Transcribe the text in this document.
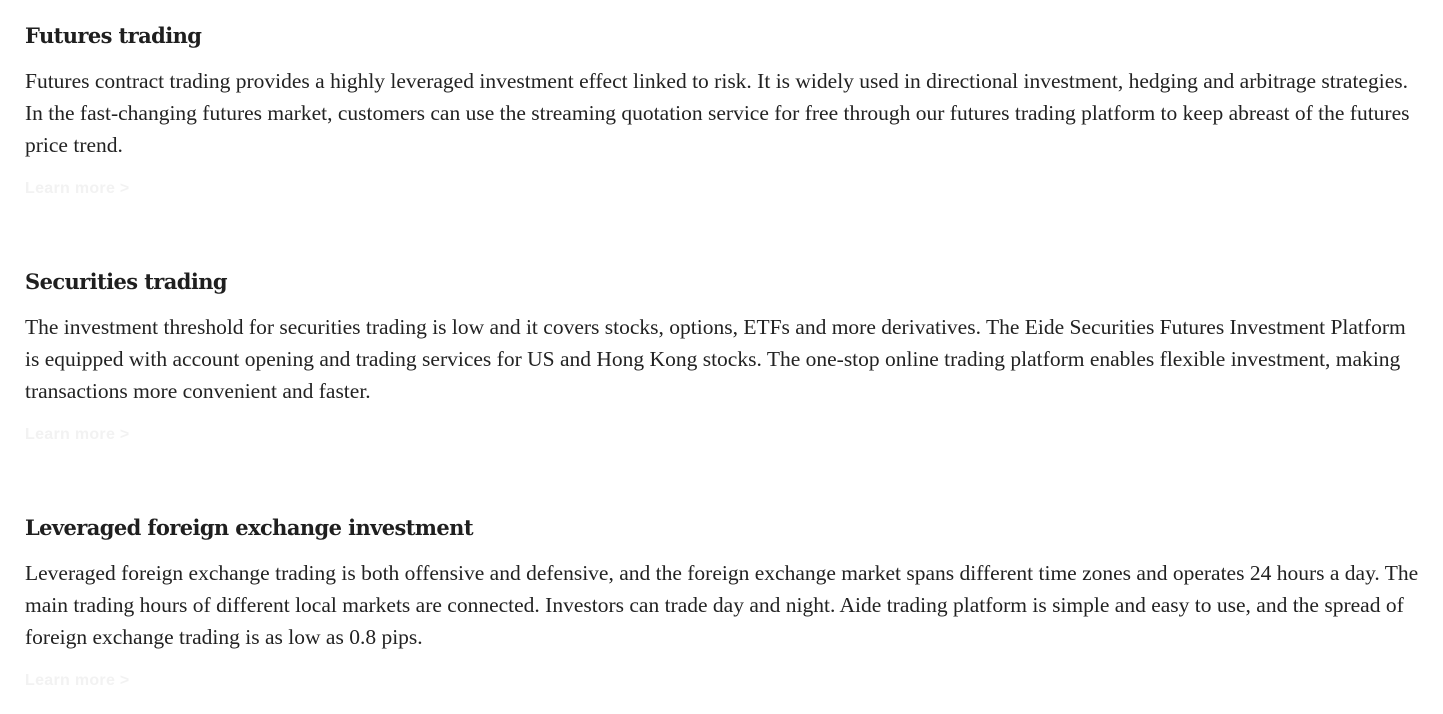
Futures trading

Futures contract trading provides a highly leveraged investment effect linked to risk. It is widely used in directional investment, hedging and arbitrage strategies. In the fast-changing futures market, customers can use the streaming quotation service for free through our futures trading platform to keep abreast of the futures price trend.

Learn more >
Securities trading

The investment threshold for securities trading is low and it covers stocks, options, ETFs and more derivatives. The Eide Securities Futures Investment Platform is equipped with account opening and trading services for US and Hong Kong stocks. The one-stop online trading platform enables flexible investment, making transactions more convenient and faster.

Learn more >
Leveraged foreign exchange investment

Leveraged foreign exchange trading is both offensive and defensive, and the foreign exchange market spans different time zones and operates 24 hours a day. The main trading hours of different local markets are connected. Investors can trade day and night. Aide trading platform is simple and easy to use, and the spread of foreign exchange trading is as low as 0.8 pips.

Learn more >
